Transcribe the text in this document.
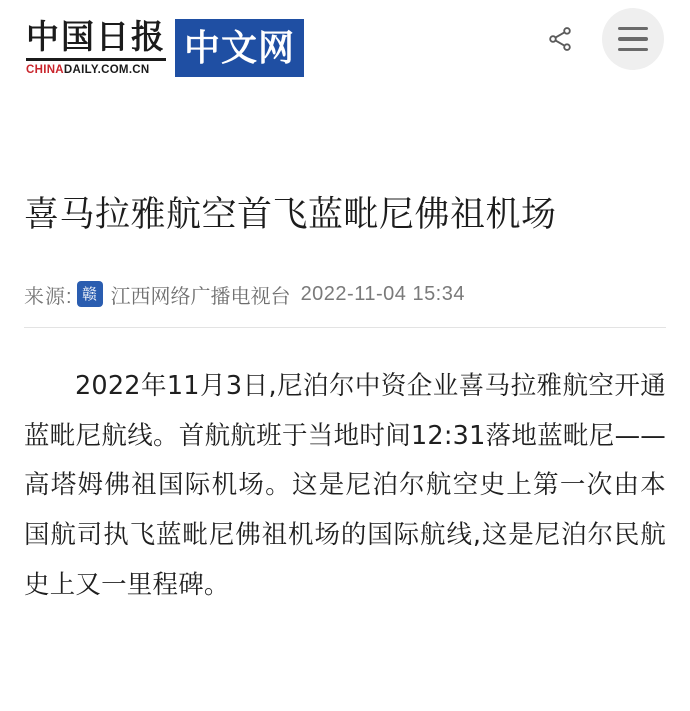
中国日报
CHINADAILY.COM.CN
中文网
喜马拉雅航空首飞蓝毗尼佛祖机场
来源: 赣 江西网络广播电视台 2022-11-04 15:34

2022年11月3日,尼泊尔中资企业喜马拉雅航空开通蓝毗尼航线。首航航班于当地时间12:31落地蓝毗尼——高塔姆佛祖国际机场。这是尼泊尔航空史上第一次由本国航司执飞蓝毗尼佛祖机场的国际航线,这是尼泊尔民航史上又一里程碑。
